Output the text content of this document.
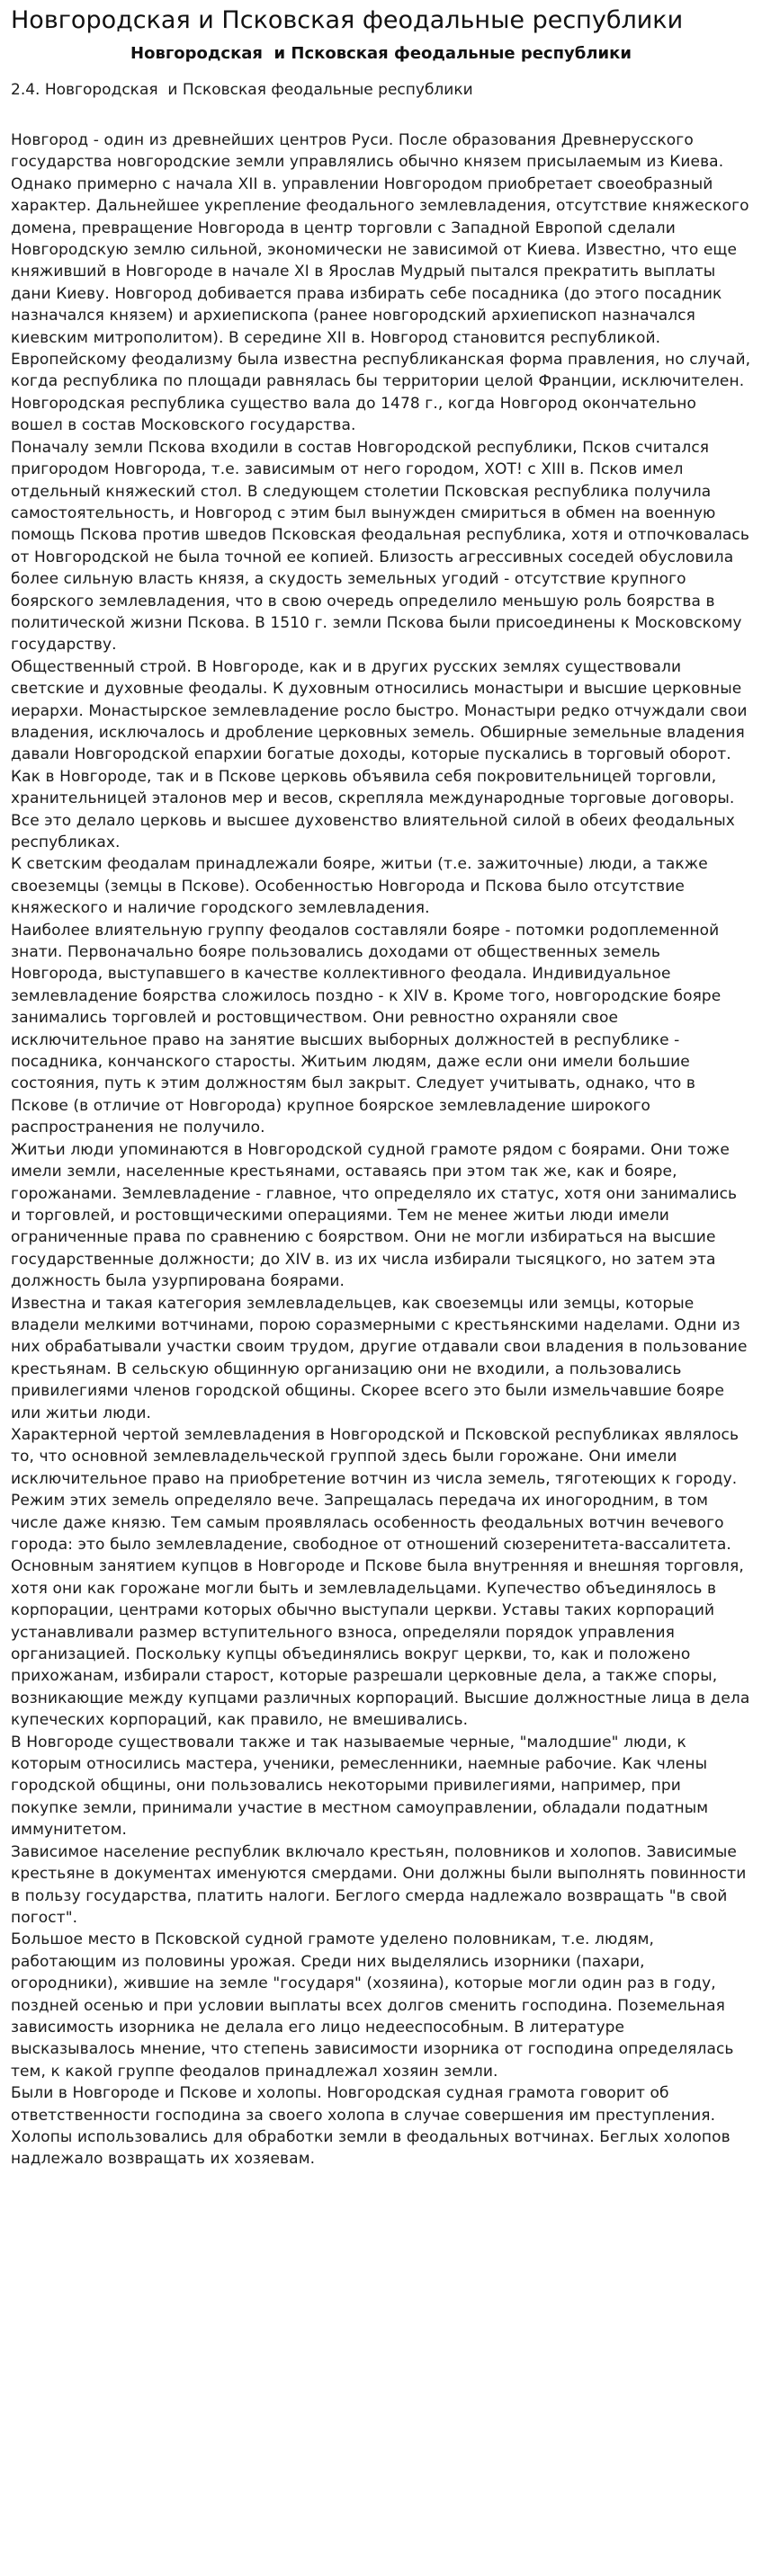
Новгородская и Псковская феодальные республики
Новгородская  и Псковская феодальные республики
2.4. Новгородская  и Псковская феодальные республики

Новгород - один из древнейших центров Руси. После образования Древнерусского государства новгородские земли управлялись обычно князем присылаемым из Киева. Однако примерно с начала XII в. управлении Новгородом приобретает своеобразный характер. Дальнейшее укрепление феодального землевладения, отсутствие княжеского домена, превращение Новгорода в центр торговли с Западной Европой сделали Новгородскую землю сильной, экономически не зависимой от Киева. Известно, что еще княживший в Новгороде в начале XI в Ярослав Мудрый пытался прекратить выплаты дани Киеву. Новгород добивается права избирать себе посадника (до этого посадник назначался князем) и архиепископа (ранее новгородский архиепископ назначался киевским митрополитом). В середине XII в. Новгород становится республикой. Европейскому феодализму была известна республиканская форма правления, но случай, когда республика по площади равнялась бы территории целой Франции, исключителен. Новгородская республика существо вала до 1478 г., когда Новгород окончательно вошел в состав Московского государства.

Поначалу земли Пскова входили в состав Новгородской республики, Псков считался пригородом Новгорода, т.е. зависимым от него городом, ХОТ! с XIII в. Псков имел отдельный княжеский стол. В следующем столетии Псковская республика получила самостоятельность, и Новгород с этим был вынужден смириться в обмен на военную помощь Пскова против шведов Псковская феодальная республика, хотя и отпочковалась от Новгородской не была точной ее копией. Близость агрессивных соседей обусловила более сильную власть князя, а скудость земельных угодий - отсутствие крупного боярского землевладения, что в свою очередь определило меньшую роль боярства в политической жизни Пскова. В 1510 г. земли Пскова были присоединены к Московскому государству.

Общественный строй. В Новгороде, как и в других русских землях существовали светские и духовные феодалы. К духовным относились монастыри и высшие церковные иерархи. Монастырское землевладение росло быстро. Монастыри редко отчуждали свои владения, исключалось и дробление церковных земель. Обширные земельные владения давали Новгородской епархии богатые доходы, которые пускались в торговый оборот. Как в Новгороде, так и в Пскове церковь объявила себя покровительницей торговли, хранительницей эталонов мер и весов, скрепляла международные торговые договоры. Все это делало церковь и высшее духовенство влиятельной силой в обеих феодальных республиках.

К светским феодалам принадлежали бояре, житьи (т.е. зажиточные) люди, а также своеземцы (земцы в Пскове). Особенностью Новгорода и Пскова было отсутствие княжеского и наличие городского землевладения.

Наиболее влиятельную группу феодалов составляли бояре - потомки родоплеменной знати. Первоначально бояре пользовались доходами от общественных земель Новгорода, выступавшего в качестве коллективного феодала. Индивидуальное землевладение боярства сложилось поздно - к XIV в. Кроме того, новгородские бояре занимались торговлей и ростовщичеством. Они ревностно охраняли свое исключительное право на занятие высших выборных должностей в республике - посадника, кончанского старосты. Житьим людям, даже если они имели большие состояния, путь к этим должностям был закрыт. Следует учитывать, однако, что в Пскове (в отличие от Новгорода) крупное боярское землевладение широкого распространения не получило.

Житьи люди упоминаются в Новгородской судной грамоте рядом с боярами. Они тоже имели земли, населенные крестьянами, оставаясь при этом так же, как и бояре, горожанами. Землевладение - главное, что определяло их статус, хотя они занимались и торговлей, и ростовщическими операциями. Тем не менее житьи люди имели ограниченные права по сравнению с боярством. Они не могли избираться на высшие государственные должности; до XIV в. из их числа избирали тысяцкого, но затем эта должность была узурпирована боярами.

Известна и такая категория землевладельцев, как своеземцы или земцы, которые владели мелкими вотчинами, порою соразмерными с крестьянскими наделами. Одни из них обрабатывали участки своим трудом, другие отдавали свои владения в пользование крестьянам. В сельскую общинную организацию они не входили, а пользовались привилегиями членов городской общины. Скорее всего это были измельчавшие бояре или житьи люди.

Характерной чертой землевладения в Новгородской и Псковской республиках являлось то, что основной землевладельческой группой здесь были горожане. Они имели исключительное право на приобретение вотчин из числа земель, тяготеющих к городу. Режим этих земель определяло вече. Запрещалась передача их иногородним, в том числе даже князю. Тем самым проявлялась особенность феодальных вотчин вечевого города: это было землевладение, свободное от отношений сюзеренитета-вассалитета.

Основным занятием купцов в Новгороде и Пскове была внутренняя и внешняя торговля, хотя они как горожане могли быть и землевладельцами. Купечество объединялось в корпорации, центрами которых обычно выступали церкви. Уставы таких корпораций устанавливали размер вступительного взноса, определяли порядок управления организацией. Поскольку купцы объединялись вокруг церкви, то, как и положено прихожанам, избирали старост, которые разрешали церковные дела, а также споры, возникающие между купцами различных корпораций. Высшие должностные лица в дела купеческих корпораций, как правило, не вмешивались.

В Новгороде существовали также и так называемые черные, "малодшие" люди, к которым относились мастера, ученики, ремесленники, наемные рабочие. Как члены городской общины, они пользовались некоторыми привилегиями, например, при покупке земли, принимали участие в местном самоуправлении, обладали податным иммунитетом.

Зависимое население республик включало крестьян, половников и холопов. Зависимые крестьяне в документах именуются смердами. Они должны были выполнять повинности в пользу государства, платить налоги. Беглого смерда надлежало возвращать "в свой погост".

Большое место в Псковской судной грамоте уделено половникам, т.е. людям, работающим из половины урожая. Среди них выделялись изорники (пахари, огородники), жившие на земле "государя" (хозяина), которые могли один раз в году, поздней осенью и при условии выплаты всех долгов сменить господина. Поземельная зависимость изорника не делала его лицо недееспособным. В литературе высказывалось мнение, что степень зависимости изорника от господина определялась тем, к какой группе феодалов принадлежал хозяин земли.

Были в Новгороде и Пскове и холопы. Новгородская судная грамота говорит об ответственности господина за своего холопа в случае совершения им преступления. Холопы использовались для обработки земли в феодальных вотчинах. Беглых холопов надлежало возвращать их хозяевам.
